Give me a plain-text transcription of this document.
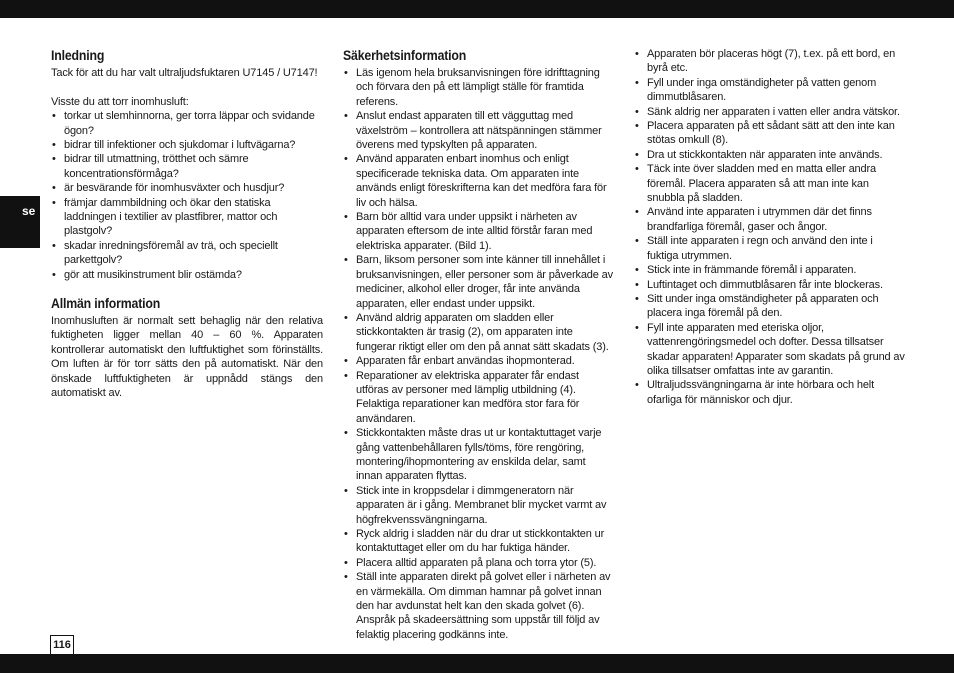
se
116
Inledning

Tack för att du har valt ultraljudsfuktaren U7145 / U7147!

Visste du att torr inomhusluft:

• torkar ut slemhinnorna, ger torra läppar och svidande ögon?
• bidrar till infektioner och sjukdomar i luftvägarna?
• bidrar till utmattning, trötthet och sämre koncentrationsförmåga?
• är besvärande för inomhusväxter och husdjur?
• främjar dammbildning och ökar den statiska laddningen i textilier av plastfibrer, mattor och plastgolv?
• skadar inredningsföremål av trä, och speciellt parkettgolv?
• gör att musikinstrument blir ostämda?
Allmän information

Inomhusluften är normalt sett behaglig när den relativa fuktigheten ligger mellan 40 – 60 %. Apparaten kontrollerar automatiskt den luftfuktighet som förinställts. Om luften är för torr sätts den på automatiskt. När den önskade luftfuktigheten är uppnådd stängs den automatiskt av.

Säkerhetsinformation
• Läs igenom hela bruksanvisningen före idrifttagning och förvara den på ett lämpligt ställe för framtida referens.
• Anslut endast apparaten till ett vägguttag med växelström – kontrollera att nätspänningen stämmer överens med typskylten på apparaten.
• Använd apparaten enbart inomhus och enligt specificerade tekniska data. Om apparaten inte används enligt föreskrifterna kan det medföra fara för liv och hälsa.
• Barn bör alltid vara under uppsikt i närheten av apparaten eftersom de inte alltid förstår faran med elektriska apparater. (Bild 1).
• Barn, liksom personer som inte känner till innehållet i bruksanvisningen, eller personer som är påverkade av mediciner, alkohol eller droger, får inte använda apparaten, eller endast under uppsikt.
• Använd aldrig apparaten om sladden eller stickkontakten är trasig (2), om apparaten inte fungerar riktigt eller om den på annat sätt skadats (3).
• Apparaten får enbart användas ihopmonterad.
• Reparationer av elektriska apparater får endast utföras av personer med lämplig utbildning (4). Felaktiga reparationer kan medföra stor fara för användaren.
• Stickkontakten måste dras ut ur kontaktuttaget varje gång vattenbehållaren fylls/töms, före rengöring, montering/ihopmontering av enskilda delar, samt innan apparaten flyttas.
• Stick inte in kroppsdelar i dimmgeneratorn när apparaten är i gång. Membranet blir mycket varmt av högfrekvenssvängningarna.
• Ryck aldrig i sladden när du drar ut stickkontakten ur kontaktuttaget eller om du har fuktiga händer.
• Placera alltid apparaten på plana och torra ytor (5).
• Ställ inte apparaten direkt på golvet eller i närheten av en värmekälla. Om dimman hamnar på golvet innan den har avdunstat helt kan den skada golvet (6). Anspråk på skadeersättning som uppstår till följd av felaktig placering godkänns inte.
• Apparaten bör placeras högt (7), t.ex. på ett bord, en byrå etc.
• Fyll under inga omständigheter på vatten genom dimmutblåsaren.
• Sänk aldrig ner apparaten i vatten eller andra vätskor.
• Placera apparaten på ett sådant sätt att den inte kan stötas omkull (8).
• Dra ut stickkontakten när apparaten inte används.
• Täck inte över sladden med en matta eller andra föremål. Placera apparaten så att man inte kan snubbla på sladden.
• Använd inte apparaten i utrymmen där det finns brandfarliga föremål, gaser och ångor.
• Ställ inte apparaten i regn och använd den inte i fuktiga utrymmen.
• Stick inte in främmande föremål i apparaten.
• Luftintaget och dimmutblåsaren får inte blockeras.
• Sitt under inga omständigheter på apparaten och placera inga föremål på den.
• Fyll inte apparaten med eteriska oljor, vattenrengöringsmedel och dofter. Dessa tillsatser skadar apparaten! Apparater som skadats på grund av olika tillsatser omfattas inte av garantin.
• Ultraljudssvängningarna är inte hörbara och helt ofarliga för människor och djur.
